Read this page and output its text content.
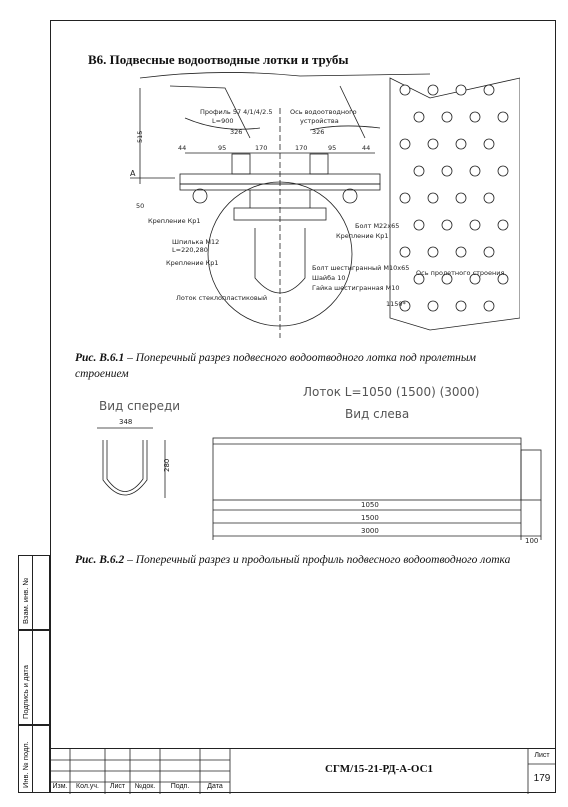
В6. Подвесные водоотводные лотки и трубы
Профиль 57 4/1/4/2.5
L=900
Ось водоотводного
устройства
326	326
44	44
95	95
170	170
50
А
Крепление Кр1
Болт М22х65
Крепление Кр1
Шпилька М12
L=220,280
Крепление Кр1
Болт шестигранный М10х65
Шайба 10
Гайка шестигранная М10
Ось пролетного строения
1150*
Лоток стеклопластиковый
515
Рис. В.6.1 – Поперечный разрез подвесного водоотводного лотка под пролетным строением
348
1050
1500
3000
100
280
Лоток L=1050 (1500) (3000)
Вид спереди
Вид слева
Рис. В.6.2 – Поперечный разрез и продольный профиль подвесного водоотводного лотка
Взам. инв. №
Подпись и дата
Инв. № подл.	Изм.	Кол.уч.	Лист	№док.	Подп.	Дата
СГМ/15-21-РД-А-ОС1
Лист
179
